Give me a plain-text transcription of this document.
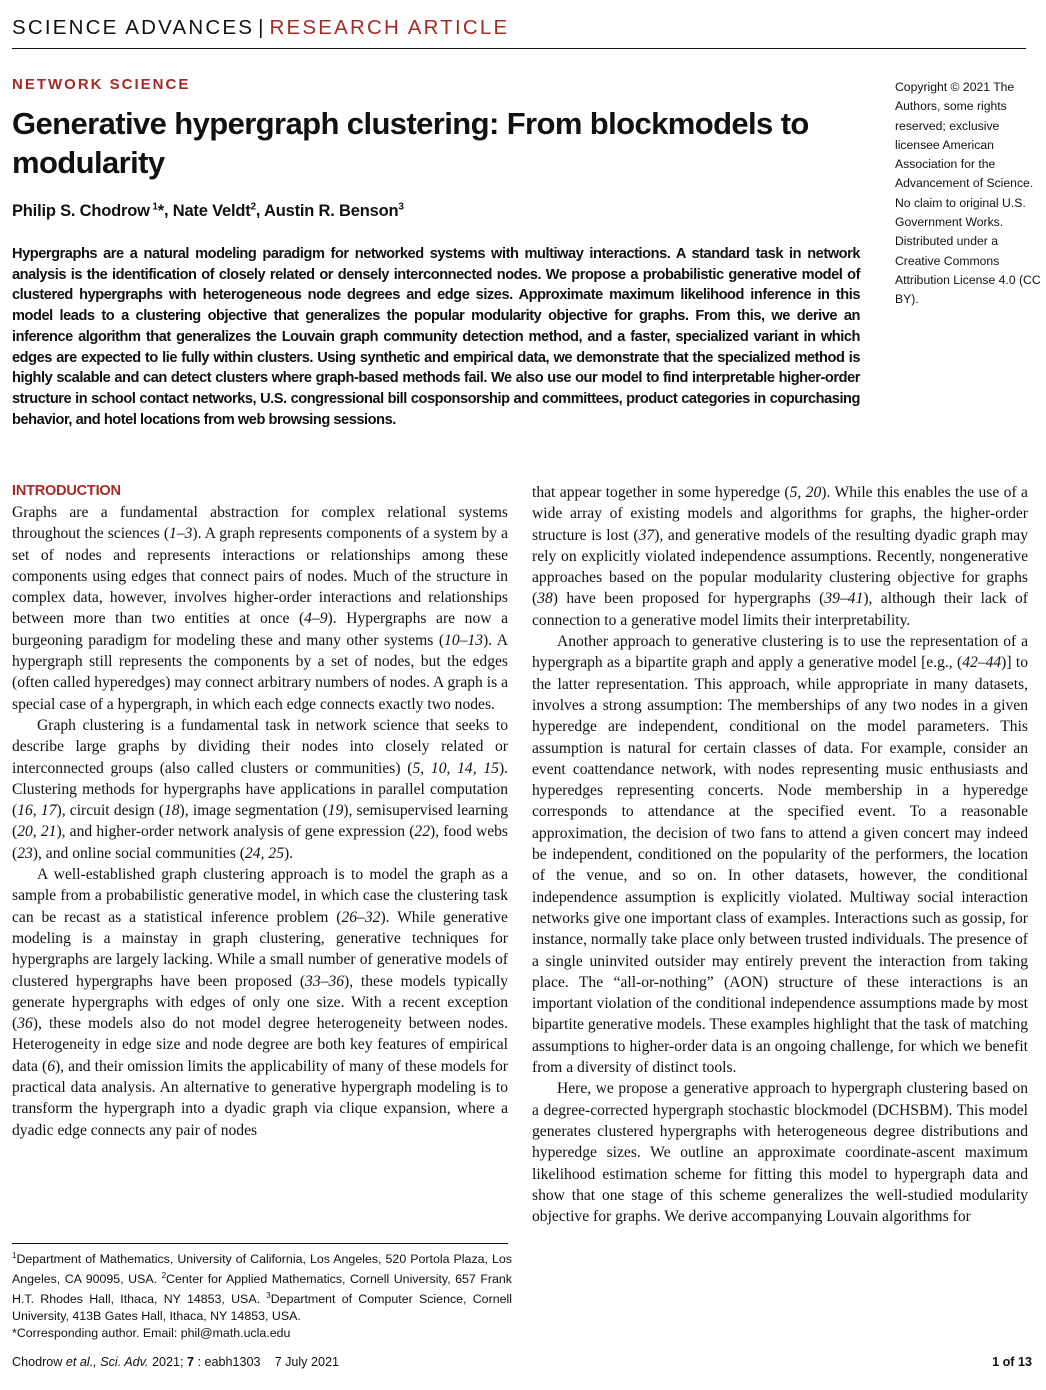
SCIENCE ADVANCES | RESEARCH ARTICLE
NETWORK SCIENCE
Generative hypergraph clustering: From blockmodels to modularity
Philip S. Chodrow $^1$*, Nate Veldt$^2$, Austin R. Benson$^3$
Copyright © 2021 The Authors, some rights reserved; exclusive licensee American Association for the Advancement of Science. No claim to original U.S. Government Works. Distributed under a Creative Commons Attribution License 4.0 (CC BY).

Hypergraphs are a natural modeling paradigm for networked systems with multiway interactions. A standard task in network analysis is the identification of closely related or densely interconnected nodes. We propose a probabilistic generative model of clustered hypergraphs with heterogeneous node degrees and edge sizes. Approximate maximum likelihood inference in this model leads to a clustering objective that generalizes the popular modularity objective for graphs. From this, we derive an inference algorithm that generalizes the Louvain graph community detection method, and a faster, specialized variant in which edges are expected to lie fully within clusters. Using synthetic and empirical data, we demonstrate that the specialized method is highly scalable and can detect clusters where graph-based methods fail. We also use our model to find interpretable higher-order structure in school contact networks, U.S. congressional bill cosponsorship and committees, product categories in copurchasing behavior, and hotel locations from web browsing sessions.

INTRODUCTION

Graphs are a fundamental abstraction for complex relational systems throughout the sciences (1–3). A graph represents components of a system by a set of nodes and represents interactions or relationships among these components using edges that connect pairs of nodes. Much of the structure in complex data, however, involves higher-order interactions and relationships between more than two entities at once (4–9). Hypergraphs are now a burgeoning paradigm for modeling these and many other systems (10–13). A hypergraph still represents the components by a set of nodes, but the edges (often called hyperedges) may connect arbitrary numbers of nodes. A graph is a special case of a hypergraph, in which each edge connects exactly two nodes.

Graph clustering is a fundamental task in network science that seeks to describe large graphs by dividing their nodes into closely related or interconnected groups (also called clusters or communities) (5, 10, 14, 15). Clustering methods for hypergraphs have applications in parallel computation (16, 17), circuit design (18), image segmentation (19), semisupervised learning (20, 21), and higher-order network analysis of gene expression (22), food webs (23), and online social communities (24, 25).

A well-established graph clustering approach is to model the graph as a sample from a probabilistic generative model, in which case the clustering task can be recast as a statistical inference problem (26–32). While generative modeling is a mainstay in graph clustering, generative techniques for hypergraphs are largely lacking. While a small number of generative models of clustered hypergraphs have been proposed (33–36), these models typically generate hypergraphs with edges of only one size. With a recent exception (36), these models also do not model degree heterogeneity between nodes. Heterogeneity in edge size and node degree are both key features of empirical data (6), and their omission limits the applicability of many of these models for practical data analysis. An alternative to generative hypergraph modeling is to transform the hypergraph into a dyadic graph via clique expansion, where a dyadic edge connects any pair of nodes

that appear together in some hyperedge (5, 20). While this enables the use of a wide array of existing models and algorithms for graphs, the higher-order structure is lost (37), and generative models of the resulting dyadic graph may rely on explicitly violated independence assumptions. Recently, nongenerative approaches based on the popular modularity clustering objective for graphs (38) have been proposed for hypergraphs (39–41), although their lack of connection to a generative model limits their interpretability.

Another approach to generative clustering is to use the representation of a hypergraph as a bipartite graph and apply a generative model [e.g., (42–44)] to the latter representation. This approach, while appropriate in many datasets, involves a strong assumption: The memberships of any two nodes in a given hyperedge are independent, conditional on the model parameters. This assumption is natural for certain classes of data. For example, consider an event coattendance network, with nodes representing music enthusiasts and hyperedges representing concerts. Node membership in a hyperedge corresponds to attendance at the specified event. To a reasonable approximation, the decision of two fans to attend a given concert may indeed be independent, conditioned on the popularity of the performers, the location of the venue, and so on. In other datasets, however, the conditional independence assumption is explicitly violated. Multiway social interaction networks give one important class of examples. Interactions such as gossip, for instance, normally take place only between trusted individuals. The presence of a single uninvited outsider may entirely prevent the interaction from taking place. The “all-or-nothing” (AON) structure of these interactions is an important violation of the conditional independence assumptions made by most bipartite generative models. These examples highlight that the task of matching assumptions to higher-order data is an ongoing challenge, for which we benefit from a diversity of distinct tools.

Here, we propose a generative approach to hypergraph clustering based on a degree-corrected hypergraph stochastic blockmodel (DCHSBM). This model generates clustered hypergraphs with heterogeneous degree distributions and hyperedge sizes. We outline an approximate coordinate-ascent maximum likelihood estimation scheme for fitting this model to hypergraph data and show that one stage of this scheme generalizes the well-studied modularity objective for graphs. We derive accompanying Louvain algorithms for

$^1$Department of Mathematics, University of California, Los Angeles, 520 Portola Plaza, Los Angeles, CA 90095, USA. $^2$Center for Applied Mathematics, Cornell University, 657 Frank H.T. Rhodes Hall, Ithaca, NY 14853, USA. $^3$Department of Computer Science, Cornell University, 413B Gates Hall, Ithaca, NY 14853, USA.

*Corresponding author. Email: phil@math.ucla.edu

Chodrow et al., Sci. Adv. 2021; 7 : eabh1303 7 July 2021	1 of 13
